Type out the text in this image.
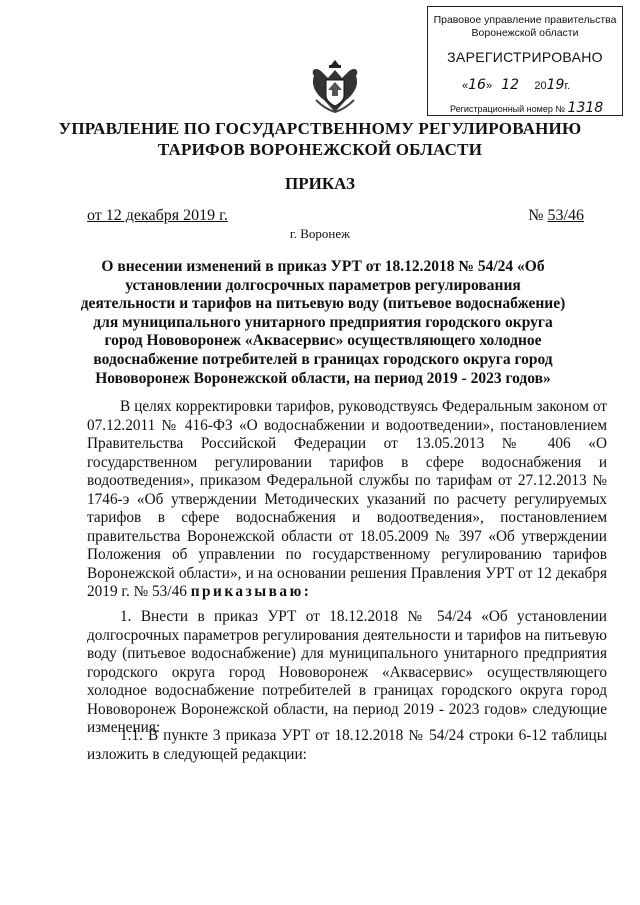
Правовое управление правительства
Воронежской области
ЗАРЕГИСТРИРОВАНО
«16»   12 2019г.
Регистрационный номер № 1318
УПРАВЛЕНИЕ ПО ГОСУДАРСТВЕННОМУ РЕГУЛИРОВАНИЮ
ТАРИФОВ ВОРОНЕЖСКОЙ ОБЛАСТИ
ПРИКАЗ
от 12 декабря 2019 г.	№ 53/46
г. Воронеж
О внесении изменений в приказ УРТ от 18.12.2018 № 54/24 «Об установлении долгосрочных параметров регулирования деятельности и тарифов на питьевую воду (питьевое водоснабжение) для муниципального унитарного предприятия городского округа город Нововоронеж «Аквасервис» осуществляющего холодное водоснабжение потребителей в границах городского округа город Нововоронеж Воронежской области, на период 2019 - 2023 годов»
В целях корректировки тарифов, руководствуясь Федеральным законом от 07.12.2011 № 416-ФЗ «О водоснабжении и водоотведении», постановлением Правительства Российской Федерации от 13.05.2013 № 406 «О государственном регулировании тарифов в сфере водоснабжения и водоотведения», приказом Федеральной службы по тарифам от 27.12.2013 № 1746-э «Об утверждении Методических указаний по расчету регулируемых тарифов в сфере водоснабжения и водоотведения», постановлением правительства Воронежской области от 18.05.2009 № 397 «Об утверждении Положения об управлении по государственному регулированию тарифов Воронежской области», и на основании решения Правления УРТ от 12 декабря 2019 г. № 53/46 приказываю:
1. Внести в приказ УРТ от 18.12.2018 № 54/24 «Об установлении долгосрочных параметров регулирования деятельности и тарифов на питьевую воду (питьевое водоснабжение) для муниципального унитарного предприятия городского округа город Нововоронеж «Аквасервис» осуществляющего холодное водоснабжение потребителей в границах городского округа город Нововоронеж Воронежской области, на период 2019 - 2023 годов» следующие изменения:
1.1. В пункте 3 приказа УРТ от 18.12.2018 № 54/24 строки 6-12 таблицы изложить в следующей редакции:
